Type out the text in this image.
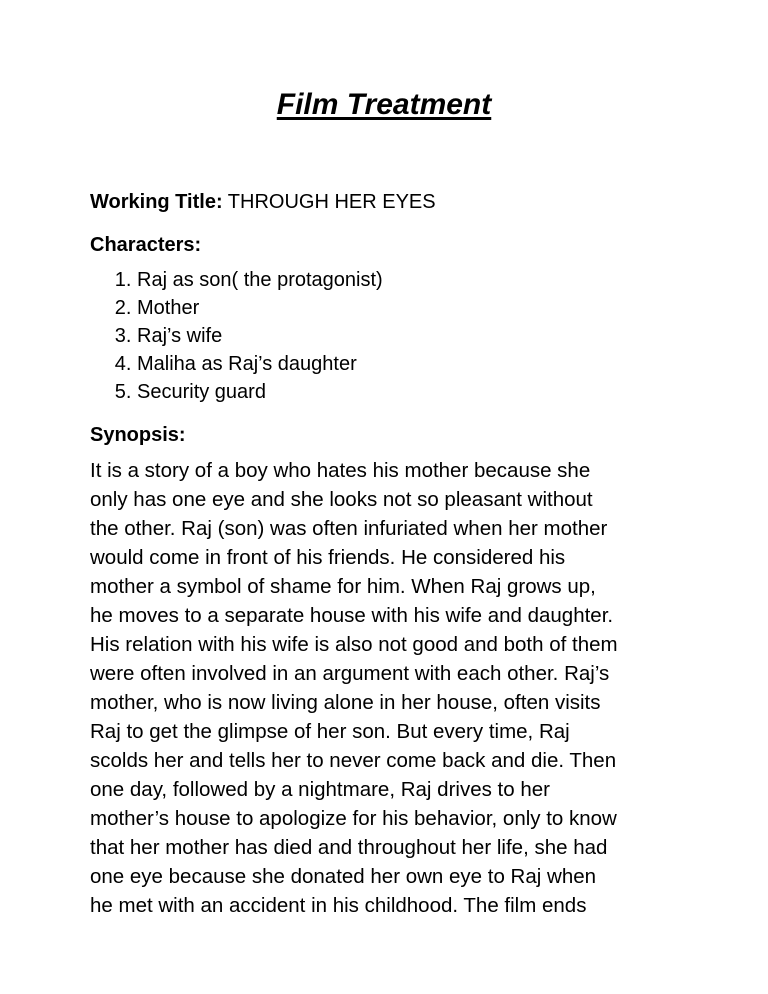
Film Treatment
Working Title: THROUGH HER EYES
Characters:
1. Raj as son( the protagonist)
2. Mother
3. Raj’s wife
4. Maliha as Raj’s daughter
5. Security guard
Synopsis:
It is a story of a boy who hates his mother because she
only has one eye and she looks not so pleasant without
the other. Raj (son) was often infuriated when her mother
would come in front of his friends. He considered his
mother a symbol of shame for him. When Raj grows up,
he moves to a separate house with his wife and daughter.
His relation with his wife is also not good and both of them
were often involved in an argument with each other. Raj’s
mother, who is now living alone in her house, often visits
Raj to get the glimpse of her son. But every time, Raj
scolds her and tells her to never come back and die. Then
one day, followed by a nightmare, Raj drives to her
mother’s house to apologize for his behavior, only to know
that her mother has died and throughout her life, she had
one eye because she donated her own eye to Raj when
he met with an accident in his childhood. The film ends
